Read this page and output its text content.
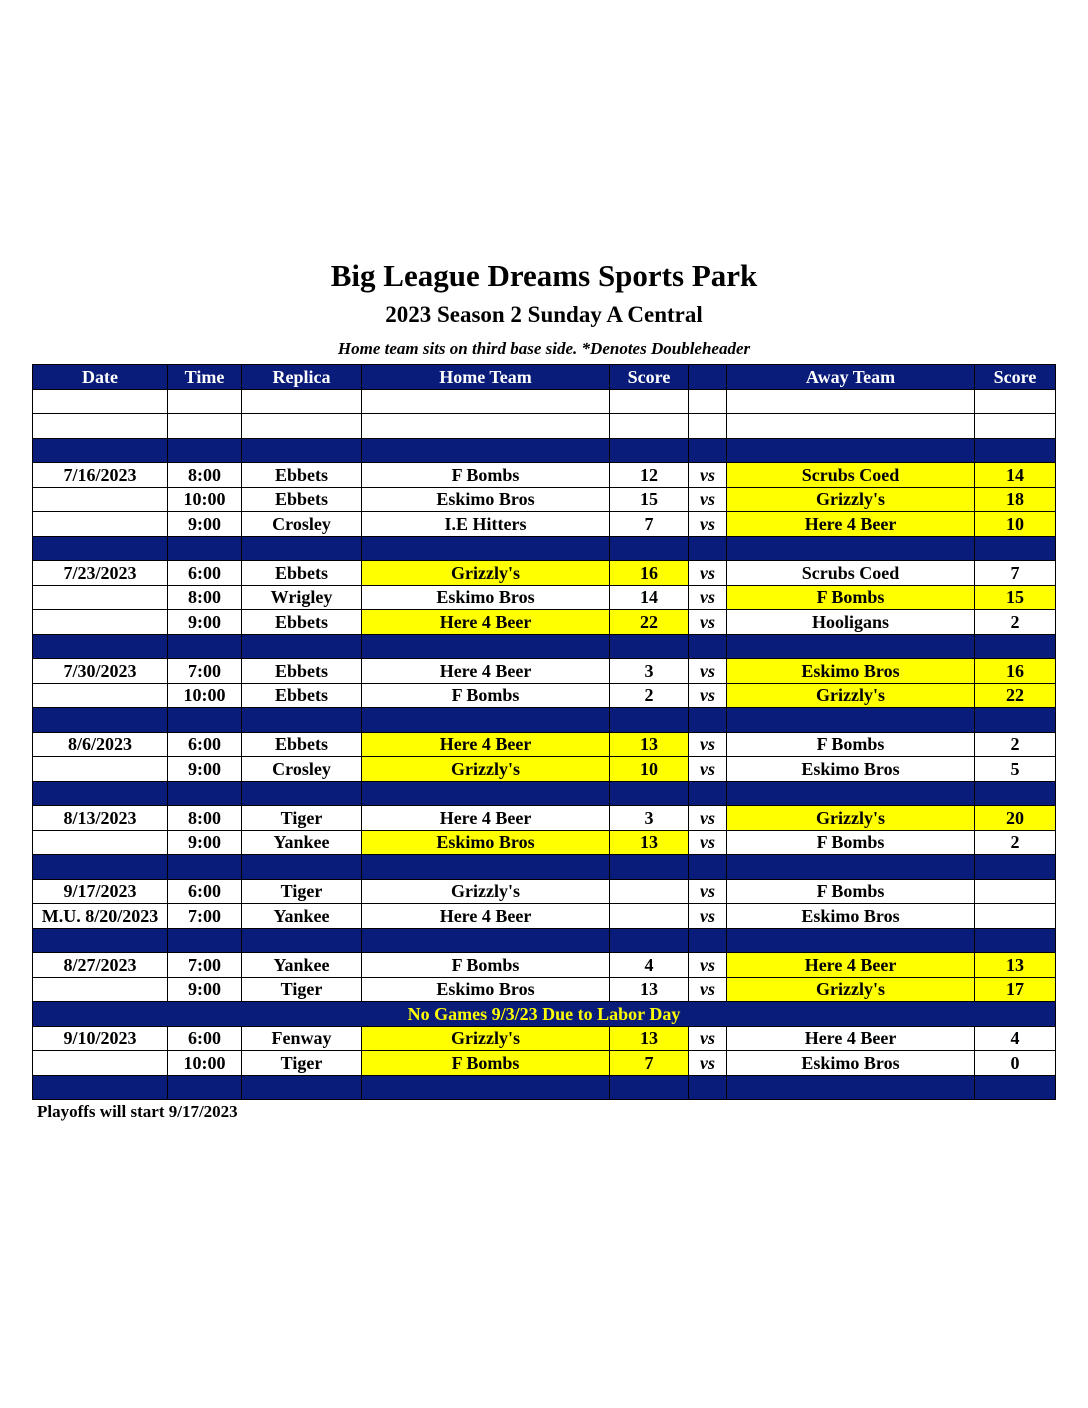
Big League Dreams Sports Park
2023 Season 2 Sunday A Central
Home team sits on third base side. *Denotes Doubleheader
Date	Time	Replica	Home Team	Score		Away Team	Score

7/16/2023	8:00	Ebbets	F Bombs	12	vs	Scrubs Coed	14
	10:00	Ebbets	Eskimo Bros	15	vs	Grizzly's	18
	9:00	Crosley	I.E Hitters	7	vs	Here 4 Beer	10

7/23/2023	6:00	Ebbets	Grizzly's	16	vs	Scrubs Coed	7
	8:00	Wrigley	Eskimo Bros	14	vs	F Bombs	15
	9:00	Ebbets	Here 4 Beer	22	vs	Hooligans	2

7/30/2023	7:00	Ebbets	Here 4 Beer	3	vs	Eskimo Bros	16
	10:00	Ebbets	F Bombs	2	vs	Grizzly's	22

8/6/2023	6:00	Ebbets	Here 4 Beer	13	vs	F Bombs	2
	9:00	Crosley	Grizzly's	10	vs	Eskimo Bros	5

8/13/2023	8:00	Tiger	Here 4 Beer	3	vs	Grizzly's	20
	9:00	Yankee	Eskimo Bros	13	vs	F Bombs	2

9/17/2023	6:00	Tiger	Grizzly's		vs	F Bombs	
M.U. 8/20/2023	7:00	Yankee	Here 4 Beer		vs	Eskimo Bros	

8/27/2023	7:00	Yankee	F Bombs	4	vs	Here 4 Beer	13
	9:00	Tiger	Eskimo Bros	13	vs	Grizzly's	17
No Games 9/3/23 Due to Labor Day							
9/10/2023	6:00	Fenway	Grizzly's	13	vs	Here 4 Beer	4
	10:00	Tiger	F Bombs	7	vs	Eskimo Bros	0

Playoffs will start 9/17/2023
